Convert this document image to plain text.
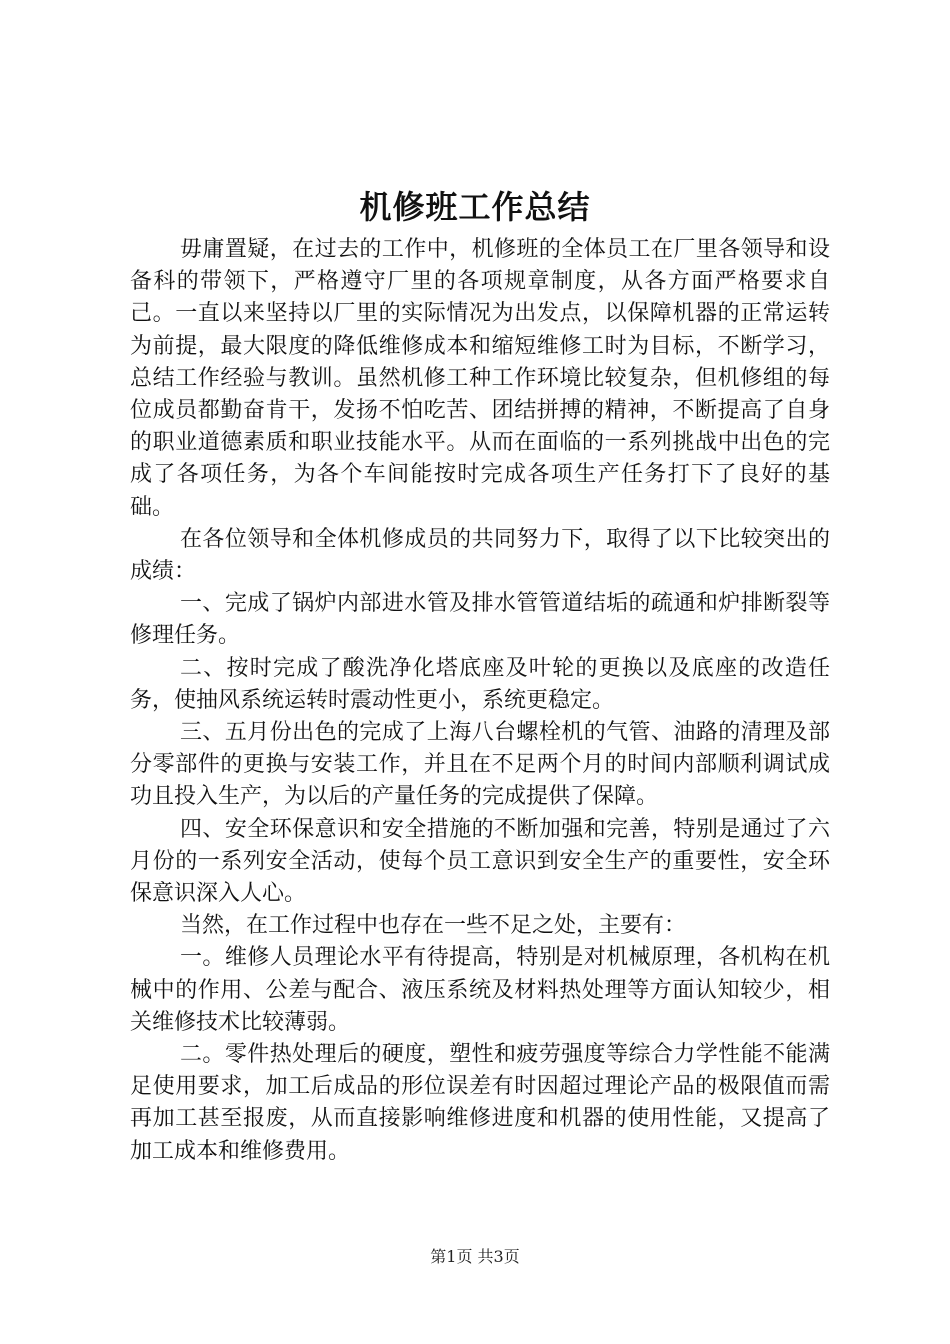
机修班工作总结

毋庸置疑，在过去的工作中，机修班的全体员工在厂里各领导和设备科的带领下，严格遵守厂里的各项规章制度，从各方面严格要求自己。一直以来坚持以厂里的实际情况为出发点，以保障机器的正常运转为前提，最大限度的降低维修成本和缩短维修工时为目标，不断学习，总结工作经验与教训。虽然机修工种工作环境比较复杂，但机修组的每位成员都勤奋肯干，发扬不怕吃苦、团结拼搏的精神，不断提高了自身的职业道德素质和职业技能水平。从而在面临的一系列挑战中出色的完成了各项任务，为各个车间能按时完成各项生产任务打下了良好的基础。

在各位领导和全体机修成员的共同努力下，取得了以下比较突出的成绩：

一、完成了锅炉内部进水管及排水管管道结垢的疏通和炉排断裂等修理任务。

二、按时完成了酸洗净化塔底座及叶轮的更换以及底座的改造任务，使抽风系统运转时震动性更小，系统更稳定。

三、五月份出色的完成了上海八台螺栓机的气管、油路的清理及部分零部件的更换与安装工作，并且在不足两个月的时间内部顺利调试成功且投入生产，为以后的产量任务的完成提供了保障。

四、安全环保意识和安全措施的不断加强和完善，特别是通过了六月份的一系列安全活动，使每个员工意识到安全生产的重要性，安全环保意识深入人心。

当然，在工作过程中也存在一些不足之处，主要有：

一。维修人员理论水平有待提高，特别是对机械原理，各机构在机械中的作用、公差与配合、液压系统及材料热处理等方面认知较少，相关维修技术比较薄弱。

二。零件热处理后的硬度，塑性和疲劳强度等综合力学性能不能满足使用要求，加工后成品的形位误差有时因超过理论产品的极限值而需再加工甚至报废，从而直接影响维修进度和机器的使用性能，又提高了加工成本和维修费用。

第1页 共3页
